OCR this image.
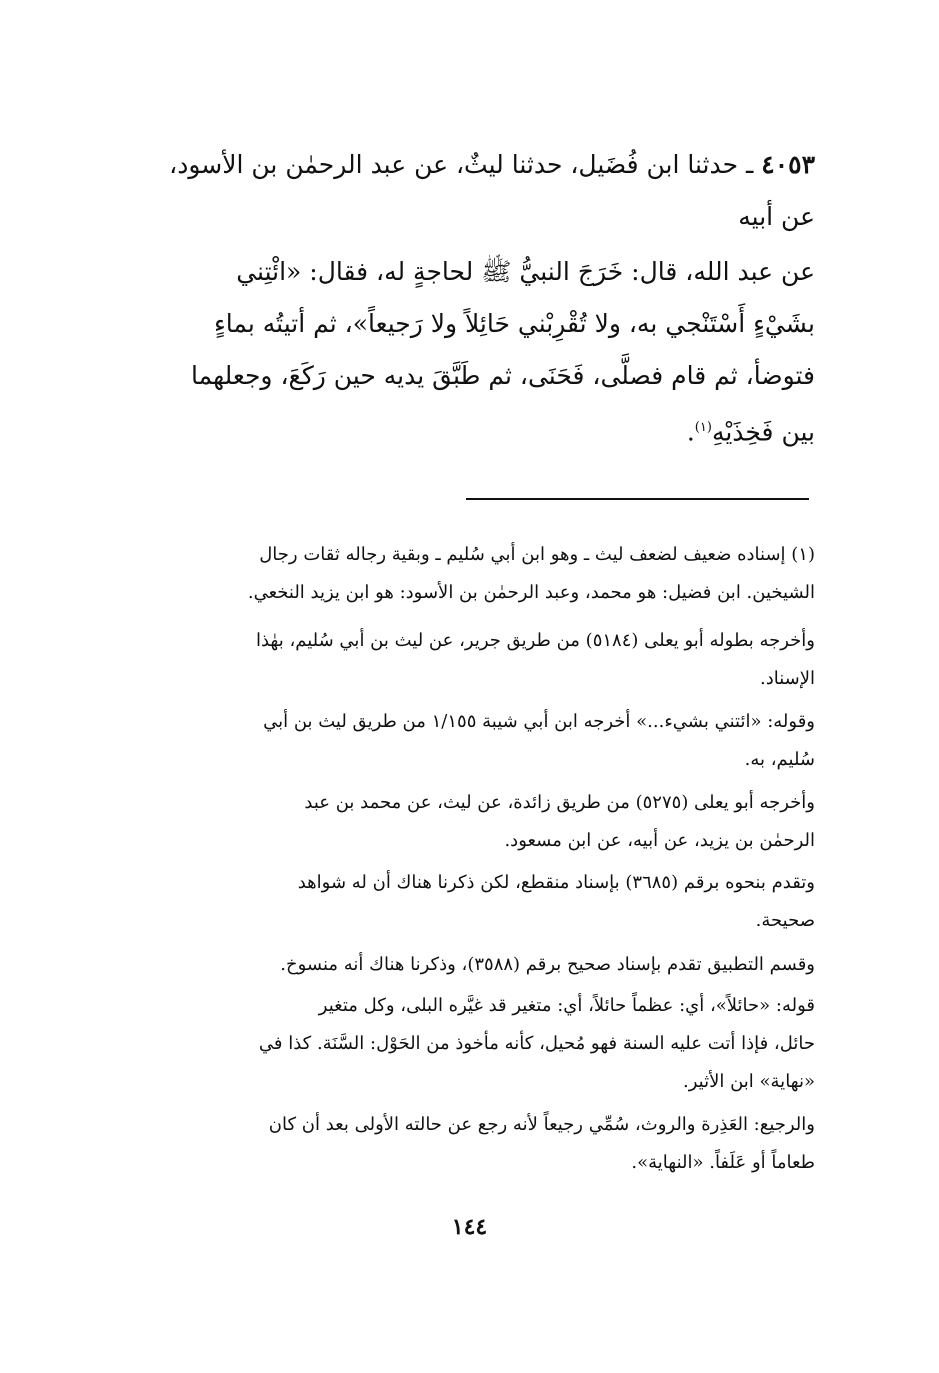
٤٠٥٣ ـ حدثنا ابن فُضَيل، حدثنا ليثٌ، عن عبد الرحمٰن بن الأسود،
عن أبيه
عن عبد الله، قال: خَرَجَ النبيُّ ﷺ لحاجةٍ له، فقال: «ائْتِني
بشَيْءٍ أَسْتَنْجي به، ولا تُقْرِبْني حَائِلاً ولا رَجيعاً»، ثم أتيتُه بماءٍ
فتوضأ، ثم قام فصلَّى، فَحَنَى، ثم طَبَّقَ يديه حين رَكَعَ، وجعلهما
بين فَخِذَيْهِ$^{(١)}$.
(١) إسناده ضعيف لضعف ليث ـ وهو ابن أبي سُليم ـ وبقية رجاله ثقات رجال
الشيخين. ابن فضيل: هو محمد، وعبد الرحمٰن بن الأسود: هو ابن يزيد النخعي.
وأخرجه بطوله أبو يعلى (٥١٨٤) من طريق جرير، عن ليث بن أبي سُليم، بهٰذا
الإسناد.
وقوله: «ائتني بشيء...» أخرجه ابن أبي شيبة ١/١٥٥ من طريق ليث بن أبي
سُليم، به.
وأخرجه أبو يعلى (٥٢٧٥) من طريق زائدة، عن ليث، عن محمد بن عبد
الرحمٰن بن يزيد، عن أبيه، عن ابن مسعود.
وتقدم بنحوه برقم (٣٦٨٥) بإسناد منقطع، لكن ذكرنا هناك أن له شواهد
صحيحة.
وقسم التطبيق تقدم بإسناد صحيح برقم (٣٥٨٨)، وذكرنا هناك أنه منسوخ.
قوله: «حائلاً»، أي: عظماً حائلاً، أي: متغير قد غيَّره البلى، وكل متغير
حائل، فإذا أتت عليه السنة فهو مُحيل، كأنه مأخوذ من الحَوْل: السَّنَة. كذا في
«نهاية» ابن الأثير.
والرجيع: العَذِرة والروث، سُمِّي رجيعاً لأنه رجع عن حالته الأولى بعد أن كان
طعاماً أو عَلَفاً. «النهاية».
١٤٤
